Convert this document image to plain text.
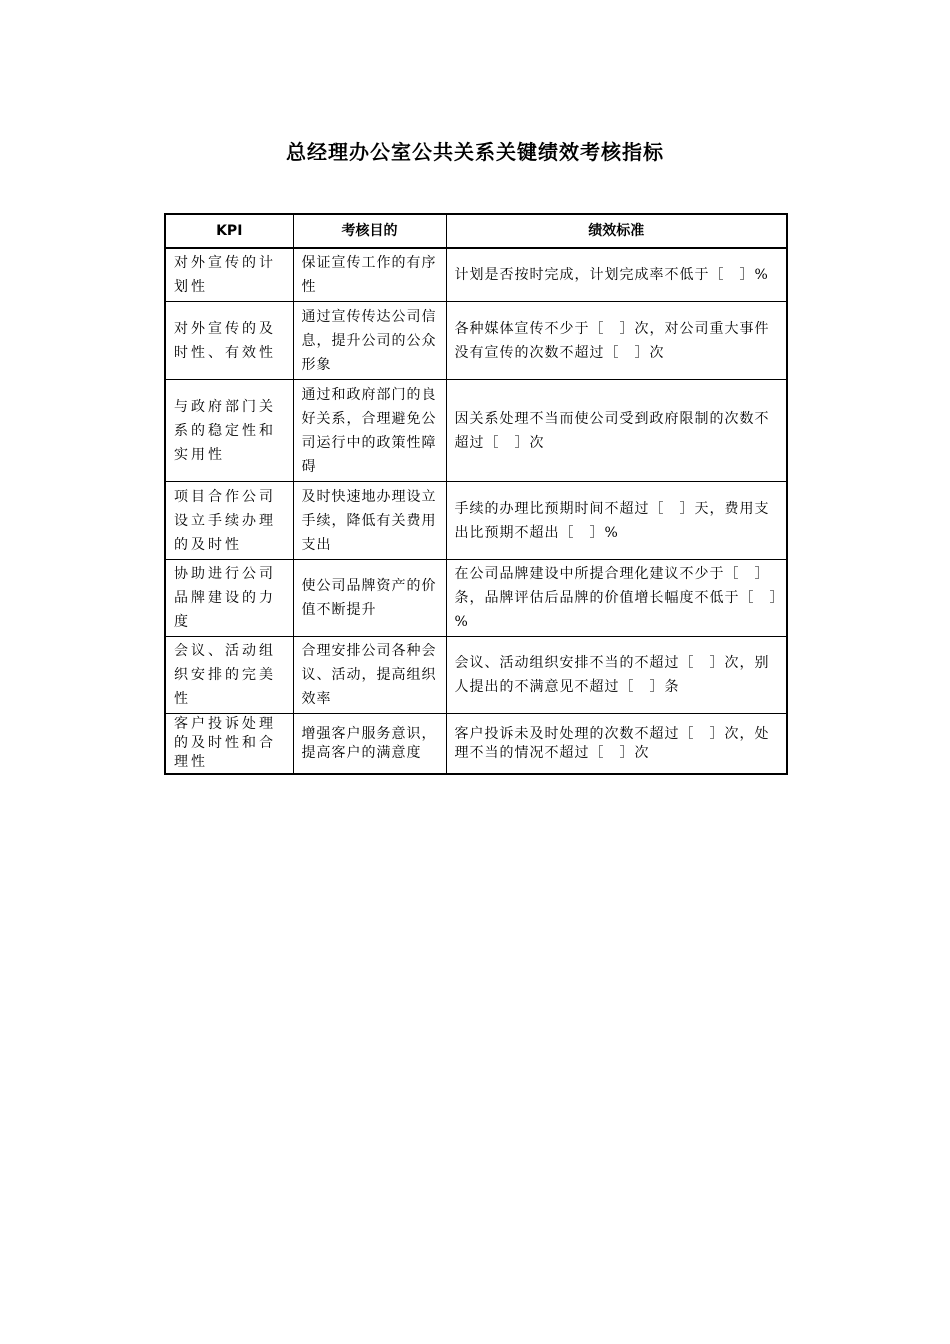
总经理办公室公共关系关键绩效考核指标
KPI	考核目的	绩效标准
对外宣传的计划性	保证宣传工作的有序性	计划是否按时完成，计划完成率不低于［　］%
对外宣传的及时性、有效性	通过宣传传达公司信息，提升公司的公众形象	各种媒体宣传不少于［　］次，对公司重大事件没有宣传的次数不超过［　］次
与政府部门关系的稳定性和实用性	通过和政府部门的良好关系，合理避免公司运行中的政策性障碍	因关系处理不当而使公司受到政府限制的次数不超过［　］次
项目合作公司设立手续办理的及时性	及时快速地办理设立手续，降低有关费用支出	手续的办理比预期时间不超过［　］天，费用支出比预期不超出［　］%
协助进行公司品牌建设的力度	使公司品牌资产的价值不断提升	在公司品牌建设中所提合理化建议不少于［　］条，品牌评估后品牌的价值增长幅度不低于［　］%
会议、活动组织安排的完美性	合理安排公司各种会议、活动，提高组织效率	会议、活动组织安排不当的不超过［　］次，别人提出的不满意见不超过［　］条
客户投诉处理的及时性和合理性	增强客户服务意识，提高客户的满意度	客户投诉未及时处理的次数不超过［　］次，处理不当的情况不超过［　］次
